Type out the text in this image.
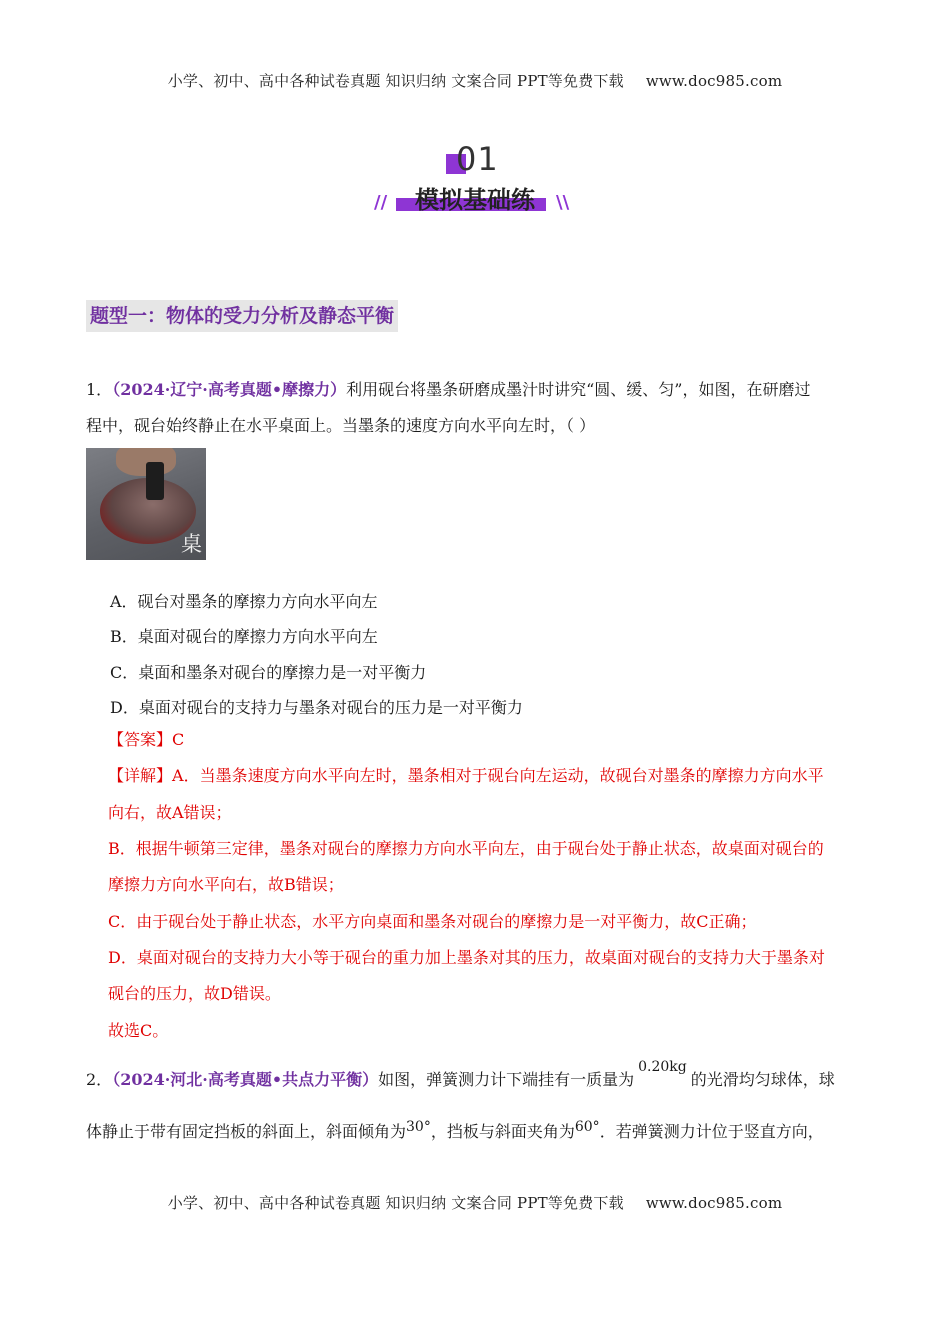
小学、初中、高中各种试卷真题 知识归纳 文案合同 PPT等免费下载 www.doc985.com
01
模拟基础练
//	\\
题型一：物体的受力分析及静态平衡
1．（2024·辽宁·高考真题•摩擦力）利用砚台将墨条研磨成墨汁时讲究“圆、缓、匀”，如图，在研磨过
程中，砚台始终静止在水平桌面上。当墨条的速度方向水平向左时，（ ）
桌
A．砚台对墨条的摩擦力方向水平向左
B．桌面对砚台的摩擦力方向水平向左
C．桌面和墨条对砚台的摩擦力是一对平衡力
D．桌面对砚台的支持力与墨条对砚台的压力是一对平衡力
【答案】C
【详解】A．当墨条速度方向水平向左时，墨条相对于砚台向左运动，故砚台对墨条的摩擦力方向水平
向右，故A错误；
B．根据牛顿第三定律，墨条对砚台的摩擦力方向水平向左，由于砚台处于静止状态，故桌面对砚台的
摩擦力方向水平向右，故B错误；
C．由于砚台处于静止状态，水平方向桌面和墨条对砚台的摩擦力是一对平衡力，故C正确；
D．桌面对砚台的支持力大小等于砚台的重力加上墨条对其的压力，故桌面对砚台的支持力大于墨条对
砚台的压力，故D错误。
故选C。
2．（2024·河北·高考真题•共点力平衡）如图，弹簧测力计下端挂有一质量为0.20kg的光滑均匀球体，球
体静止于带有固定挡板的斜面上，斜面倾角为30°，挡板与斜面夹角为60°．若弹簧测力计位于竖直方向，
小学、初中、高中各种试卷真题 知识归纳 文案合同 PPT等免费下载 www.doc985.com
